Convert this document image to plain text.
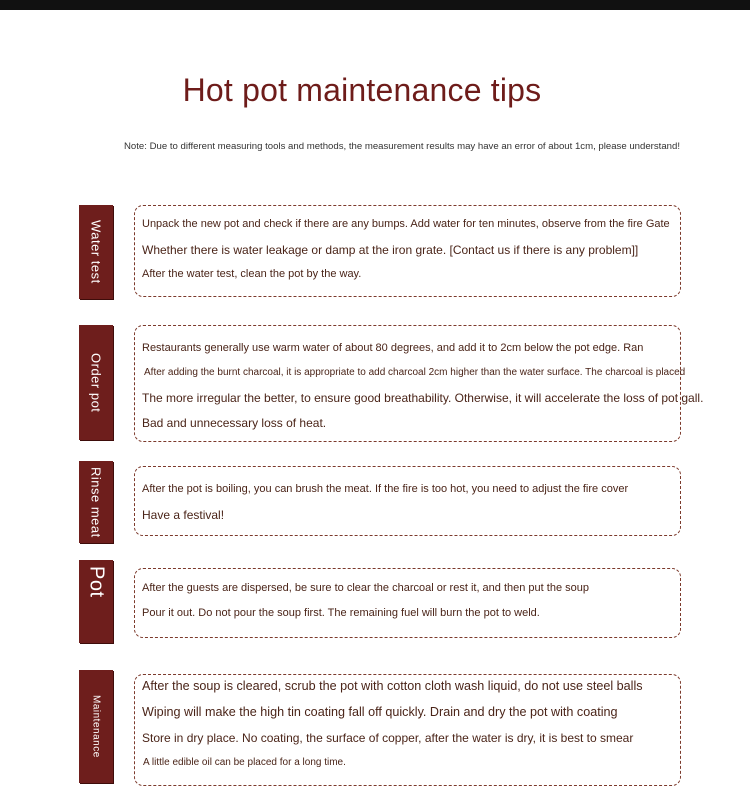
Hot pot maintenance tips
Note: Due to different measuring tools and methods, the measurement results may have an error of about 1cm, please understand!
Water test	Unpack the new pot and check if there are any bumps. Add water for ten minutes, observe from the fire Gate
Whether there is water leakage or damp at the iron grate. [Contact us if there is any problem]]
After the water test, clean the pot by the way.
Order pot
Restaurants generally use warm water of about 80 degrees, and add it to 2cm below the pot edge. Ran
After adding the burnt charcoal, it is appropriate to add charcoal 2cm higher than the water surface. The charcoal is placed
The more irregular the better, to ensure good breathability. Otherwise, it will accelerate the loss of pot gall.
Bad and unnecessary loss of heat.
Rinse meat	After the pot is boiling, you can brush the meat. If the fire is too hot, you need to adjust the fire cover
Have a festival!
Pot	After the guests are dispersed, be sure to clear the charcoal or rest it, and then put the soup
Pour it out. Do not pour the soup first. The remaining fuel will burn the pot to weld.
Maintenance
After the soup is cleared, scrub the pot with cotton cloth wash liquid, do not use steel balls
Wiping will make the high tin coating fall off quickly. Drain and dry the pot with coating
Store in dry place. No coating, the surface of copper, after the water is dry, it is best to smear
A little edible oil can be placed for a long time.
